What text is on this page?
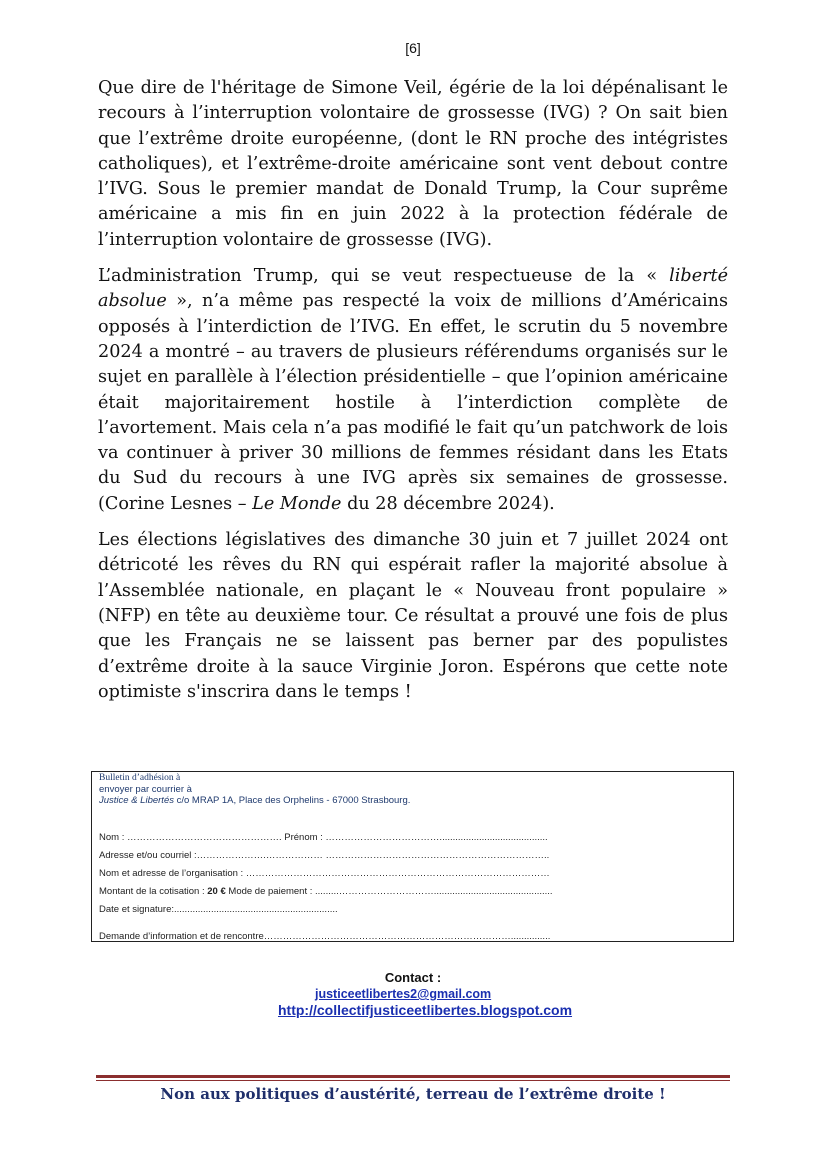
[6]

Que dire de l'héritage de Simone Veil, égérie de la loi dépénalisant le recours à l’interruption volontaire de grossesse (IVG) ? On sait bien que l’extrême droite européenne, (dont le RN proche des intégristes catholiques), et l’extrême-droite américaine sont vent debout contre l’IVG. Sous le premier mandat de Donald Trump, la Cour suprême américaine a mis fin en juin 2022 à la protection fédérale de l’interruption volontaire de grossesse (IVG).

L’administration Trump, qui se veut respectueuse de la « liberté absolue », n’a même pas respecté la voix de millions d’Américains opposés à l’interdiction de l’IVG. En effet, le scrutin du 5 novembre 2024 a montré – au travers de plusieurs référendums organisés sur le sujet en parallèle à l’élection présidentielle – que l’opinion américaine était majoritairement hostile à l’interdiction complète de l’avortement. Mais cela n’a pas modifié le fait qu’un patchwork de lois va continuer à priver 30 millions de femmes résidant dans les Etats du Sud du recours à une IVG après six semaines de grossesse. (Corine Lesnes – Le Monde du 28 décembre 2024).

Les élections législatives des dimanche 30 juin et 7 juillet 2024 ont détricoté les rêves du RN qui espérait rafler la majorité absolue à l’Assemblée nationale, en plaçant le « Nouveau front populaire » (NFP) en tête au deuxième tour. Ce résultat a prouvé une fois de plus que les Français ne se laissent pas berner par des populistes d’extrême droite à la sauce Virginie Joron. Espérons que cette note optimiste s'inscrira dans le temps !

Bulletin d’adhésion à
envoyer par courrier à
Justice & Libertés c/o MRAP 1A, Place des Orphelins - 67000 Strasbourg.
Nom : …………………………………………. Prénom : ……………………………….........................................
Adresse et/ou courriel :………………….……………… ……………………………………………………………..
Nom et adresse de l’organisation : ……………………………………………………………………………………
Montant de la cotisation : 20 € Mode de paiement : .........………………………….............................................
Date et signature:..............................................................
Demande d’information et de rencontre……………………………………………………………………...............
Contact :
justiceetlibertes2@gmail.com
http://collectifjusticeetlibertes.blogspot.com
Non aux politiques d’austérité, terreau de l’extrême droite !
